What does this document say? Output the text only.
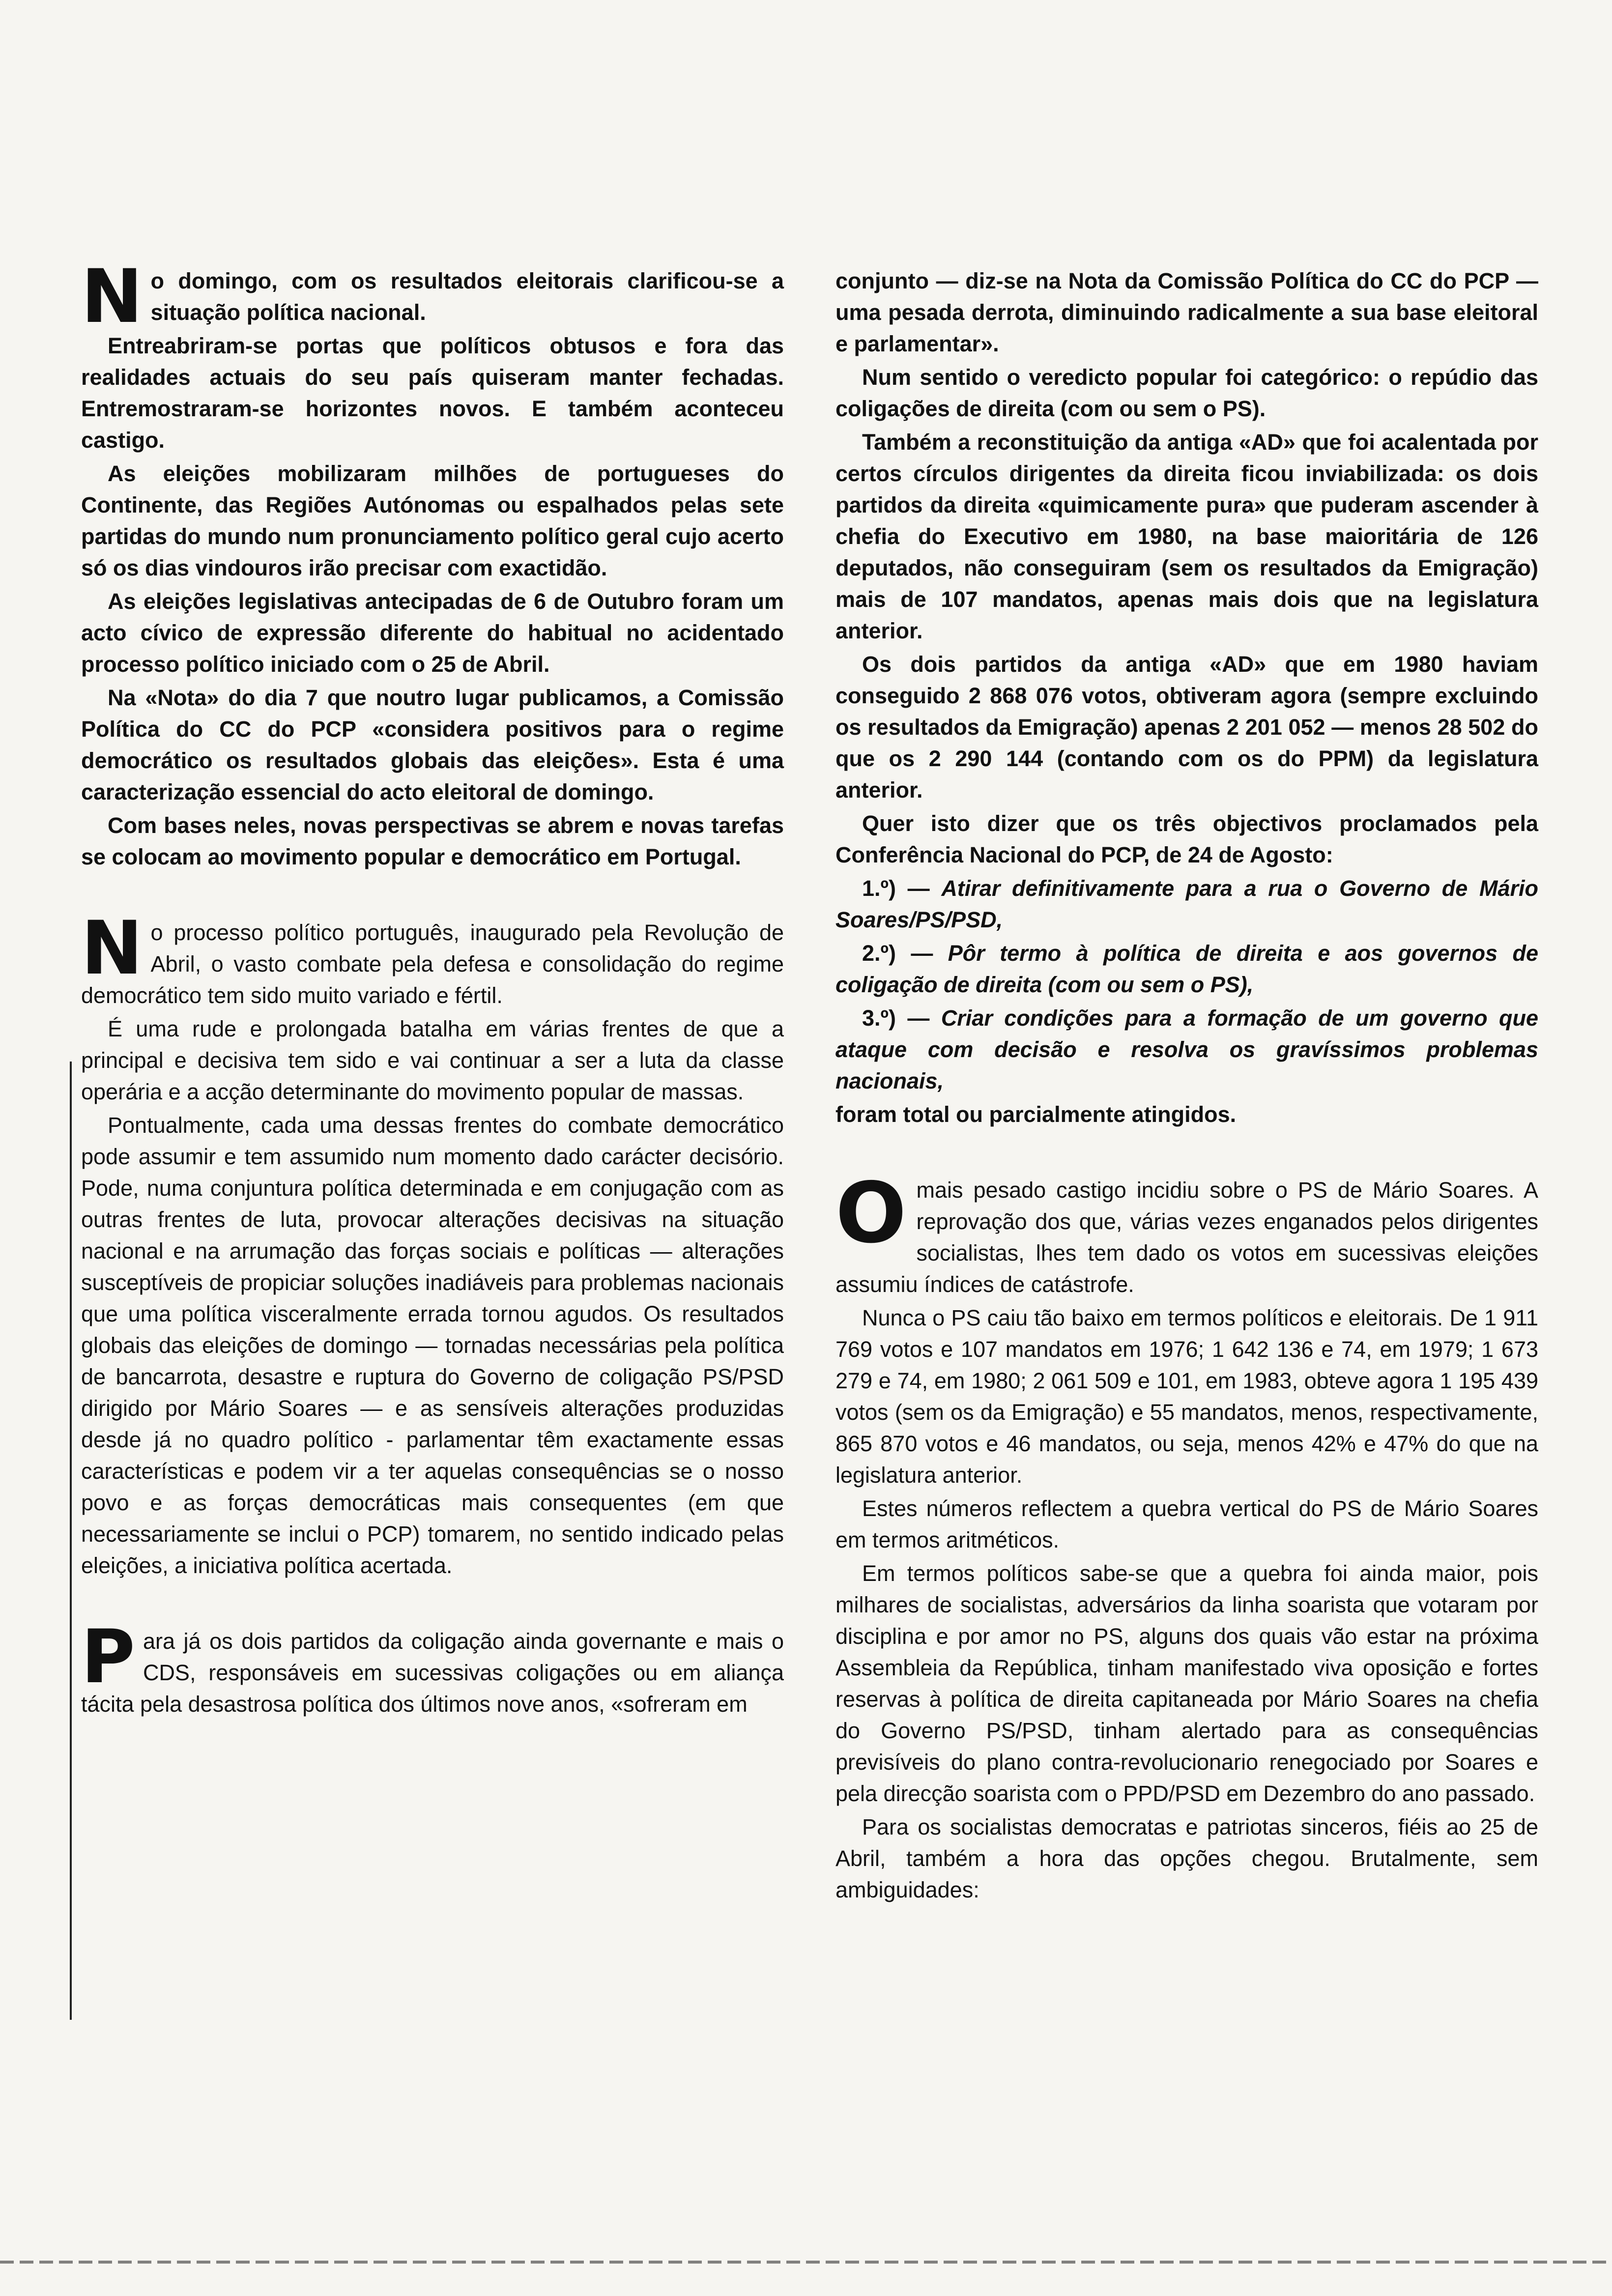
No domingo, com os resultados eleitorais clarificou-se a situação política nacional.

Entreabriram-se portas que políticos obtusos e fora das realidades actuais do seu país quiseram manter fechadas. Entremostraram-se horizontes novos. E também aconteceu castigo.

As eleições mobilizaram milhões de portugueses do Continente, das Regiões Autónomas ou espalhados pelas sete partidas do mundo num pronunciamento político geral cujo acerto só os dias vindouros irão precisar com exactidão.

As eleições legislativas antecipadas de 6 de Outubro foram um acto cívico de expressão diferente do habitual no acidentado processo político iniciado com o 25 de Abril.

Na «Nota» do dia 7 que noutro lugar publicamos, a Comissão Política do CC do PCP «considera positivos para o regime democrático os resultados globais das eleições». Esta é uma caracterização essencial do acto eleitoral de domingo.

Com bases neles, novas perspectivas se abrem e novas tarefas se colocam ao movimento popular e democrático em Portugal.

No processo político português, inaugurado pela Revolução de Abril, o vasto combate pela defesa e consolidação do regime democrático tem sido muito variado e fértil.

É uma rude e prolongada batalha em várias frentes de que a principal e decisiva tem sido e vai continuar a ser a luta da classe operária e a acção determinante do movimento popular de massas.

Pontualmente, cada uma dessas frentes do combate democrático pode assumir e tem assumido num momento dado carácter decisório. Pode, numa conjuntura política determinada e em conjugação com as outras frentes de luta, provocar alterações decisivas na situação nacional e na arrumação das forças sociais e políticas — alterações susceptíveis de propiciar soluções inadiáveis para problemas nacionais que uma política visceralmente errada tornou agudos. Os resultados globais das eleições de domingo — tornadas necessárias pela política de bancarrota, desastre e ruptura do Governo de coligação PS/PSD dirigido por Mário Soares — e as sensíveis alterações produzidas desde já no quadro político - parlamentar têm exactamente essas características e podem vir a ter aquelas consequências se o nosso povo e as forças democráticas mais consequentes (em que necessariamente se inclui o PCP) tomarem, no sentido indicado pelas eleições, a iniciativa política acertada.

Para já os dois partidos da coligação ainda governante e mais o CDS, responsáveis em sucessivas coligações ou em aliança tácita pela desastrosa política dos últimos nove anos, «sofreram em

conjunto — diz-se na Nota da Comissão Política do CC do PCP — uma pesada derrota, diminuindo radicalmente a sua base eleitoral e parlamentar».

Num sentido o veredicto popular foi categórico: o repúdio das coligações de direita (com ou sem o PS).

Também a reconstituição da antiga «AD» que foi acalentada por certos círculos dirigentes da direita ficou inviabilizada: os dois partidos da direita «quimicamente pura» que puderam ascender à chefia do Executivo em 1980, na base maioritária de 126 deputados, não conseguiram (sem os resultados da Emigração) mais de 107 mandatos, apenas mais dois que na legislatura anterior.

Os dois partidos da antiga «AD» que em 1980 haviam conseguido 2 868 076 votos, obtiveram agora (sempre excluindo os resultados da Emigração) apenas 2 201 052 — menos 28 502 do que os 2 290 144 (contando com os do PPM) da legislatura anterior.

Quer isto dizer que os três objectivos proclamados pela Conferência Nacional do PCP, de 24 de Agosto:

1.º) — Atirar definitivamente para a rua o Governo de Mário Soares/PS/PSD,

2.º) — Pôr termo à política de direita e aos governos de coligação de direita (com ou sem o PS),

3.º) — Criar condições para a formação de um governo que ataque com decisão e resolva os gravíssimos problemas nacionais,

foram total ou parcialmente atingidos.

Omais pesado castigo incidiu sobre o PS de Mário Soares. A reprovação dos que, várias vezes enganados pelos dirigentes socialistas, lhes tem dado os votos em sucessivas eleições assumiu índices de catástrofe.

Nunca o PS caiu tão baixo em termos políticos e eleitorais. De 1 911 769 votos e 107 mandatos em 1976; 1 642 136 e 74, em 1979; 1 673 279 e 74, em 1980; 2 061 509 e 101, em 1983, obteve agora 1 195 439 votos (sem os da Emigração) e 55 mandatos, menos, respectivamente, 865 870 votos e 46 mandatos, ou seja, menos 42% e 47% do que na legislatura anterior.

Estes números reflectem a quebra vertical do PS de Mário Soares em termos aritméticos.

Em termos políticos sabe-se que a quebra foi ainda maior, pois milhares de socialistas, adversários da linha soarista que votaram por disciplina e por amor no PS, alguns dos quais vão estar na próxima Assembleia da República, tinham manifestado viva oposição e fortes reservas à política de direita capitaneada por Mário Soares na chefia do Governo PS/PSD, tinham alertado para as consequências previsíveis do plano contra-revolucionario renegociado por Soares e pela direcção soarista com o PPD/PSD em Dezembro do ano passado.

Para os socialistas democratas e patriotas sinceros, fiéis ao 25 de Abril, também a hora das opções chegou. Brutalmente, sem ambiguidades:
